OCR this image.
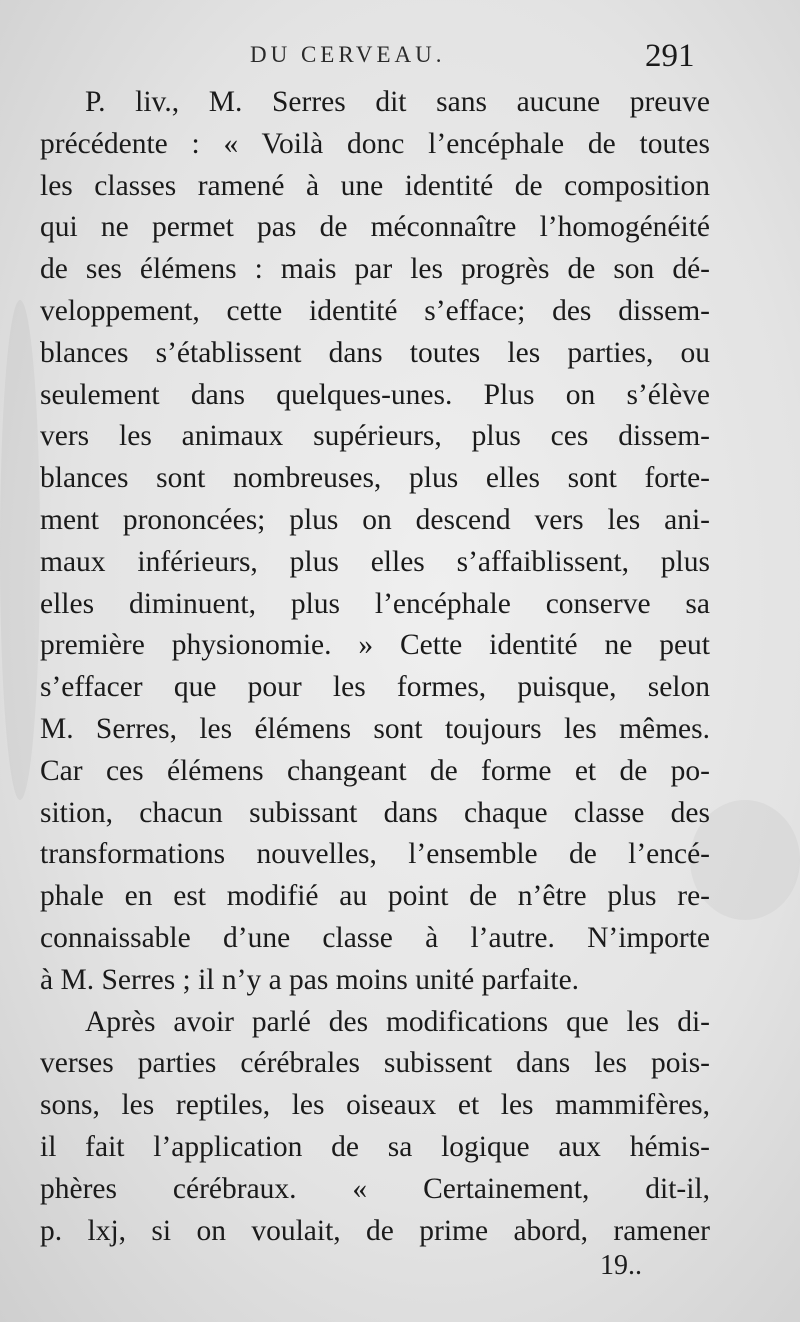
DU CERVEAU.	291
P. liv., M. Serres dit sans aucune preuve
précédente : « Voilà donc l’encéphale de toutes
les classes ramené à une identité de composition
qui ne permet pas de méconnaître l’homogénéité
de ses élémens : mais par les progrès de son dé-
veloppement, cette identité s’efface; des dissem-
blances s’établissent dans toutes les parties, ou
seulement dans quelques-unes. Plus on s’élève
vers les animaux supérieurs, plus ces dissem-
blances sont nombreuses, plus elles sont forte-
ment prononcées; plus on descend vers les ani-
maux inférieurs, plus elles s’affaiblissent, plus
elles diminuent, plus l’encéphale conserve sa
première physionomie. » Cette identité ne peut
s’effacer que pour les formes, puisque, selon
M. Serres, les élémens sont toujours les mêmes.
Car ces élémens changeant de forme et de po-
sition, chacun subissant dans chaque classe des
transformations nouvelles, l’ensemble de l’encé-
phale en est modifié au point de n’être plus re-
connaissable d’une classe à l’autre. N’importe
à M. Serres ; il n’y a pas moins unité parfaite.
Après avoir parlé des modifications que les di-
verses parties cérébrales subissent dans les pois-
sons, les reptiles, les oiseaux et les mammifères,
il fait l’application de sa logique aux hémis-
phères cérébraux. « Certainement, dit-il,
p. lxj, si on voulait, de prime abord, ramener
19..
